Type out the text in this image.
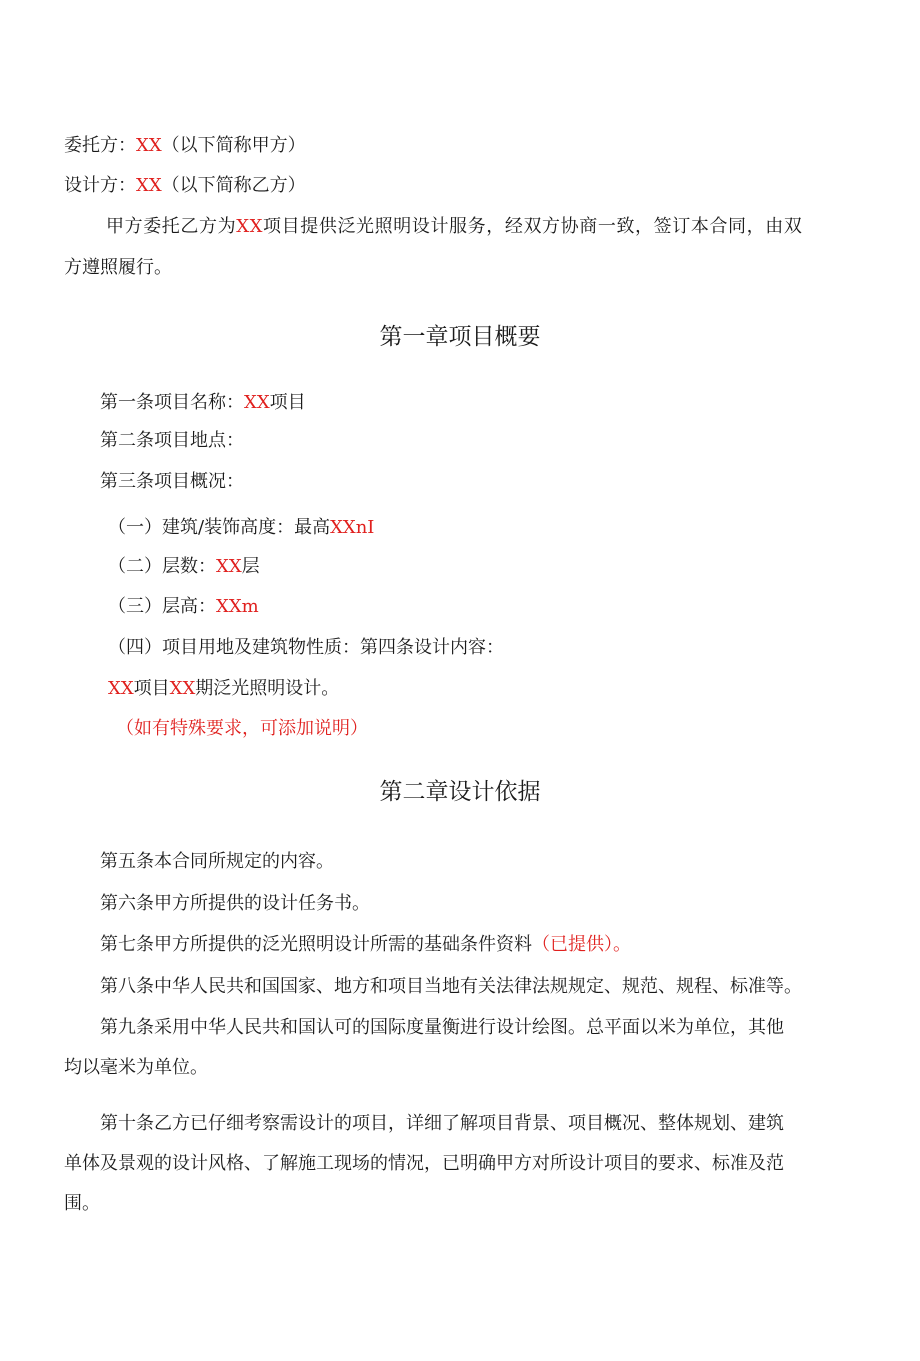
委托方：XX（以下简称甲方）
设计方：XX（以下简称乙方）
甲方委托乙方为XX项目提供泛光照明设计服务，经双方协商一致，签订本合同，由双
方遵照履行。
第一章项目概要
第一条项目名称：XX项目
第二条项目地点：
第三条项目概况：
（一）建筑/装饰高度：最高XXnI
（二）层数：XX层
（三）层高：XXm
（四）项目用地及建筑物性质：第四条设计内容：
XX项目XX期泛光照明设计。
（如有特殊要求，可添加说明）
第二章设计依据
第五条本合同所规定的内容。
第六条甲方所提供的设计任务书。
第七条甲方所提供的泛光照明设计所需的基础条件资料（已提供）。
第八条中华人民共和国国家、地方和项目当地有关法律法规规定、规范、规程、标准等。
第九条采用中华人民共和国认可的国际度量衡进行设计绘图。总平面以米为单位，其他
均以毫米为单位。
第十条乙方已仔细考察需设计的项目，详细了解项目背景、项目概况、整体规划、建筑
单体及景观的设计风格、了解施工现场的情况，已明确甲方对所设计项目的要求、标准及范
围。
